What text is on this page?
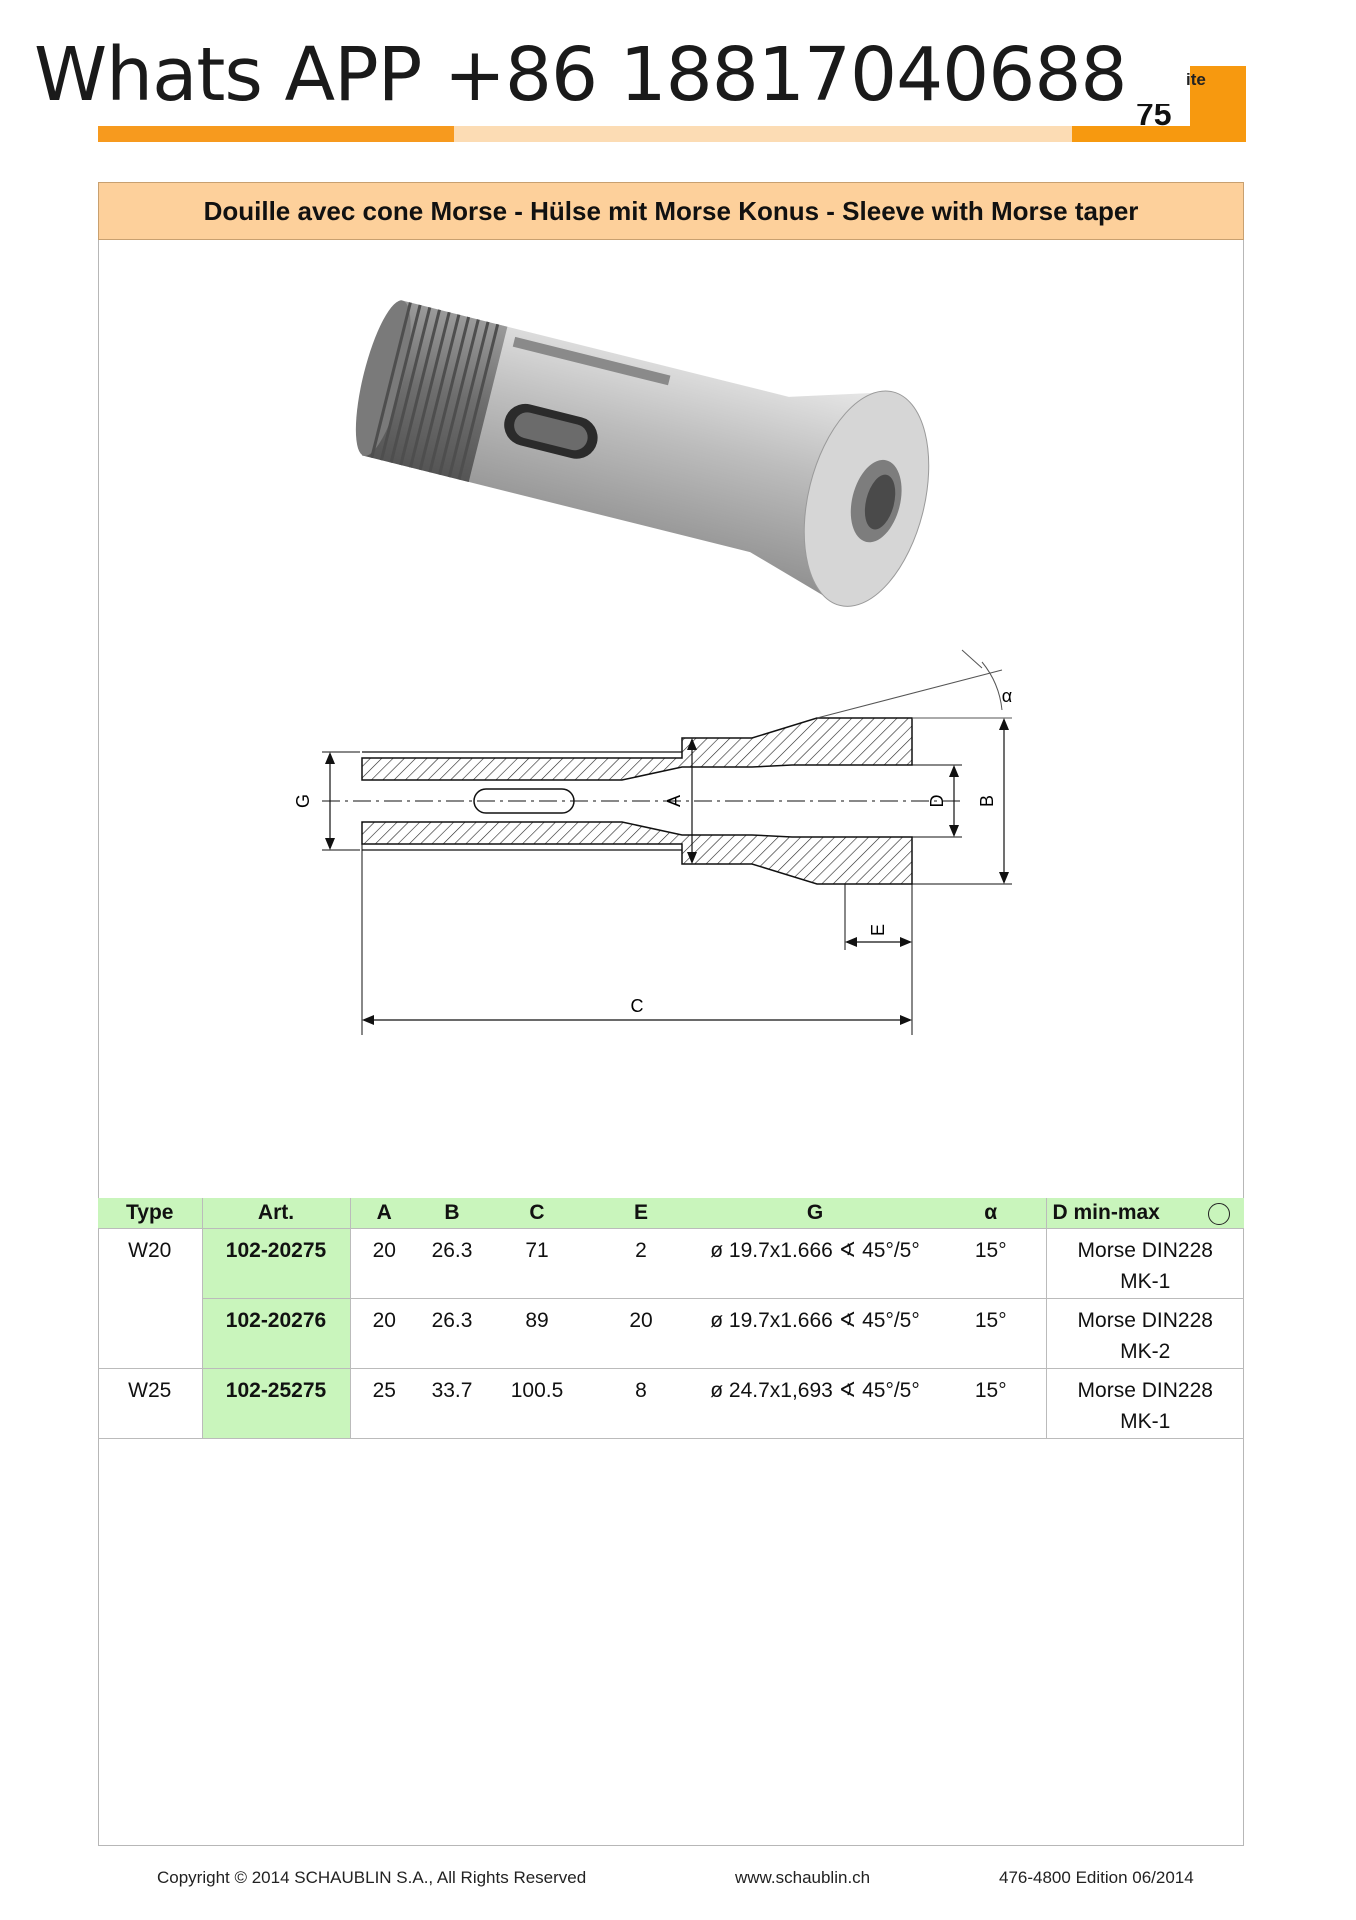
ite
75
Whats APP +86 18817040688
Douille avec cone Morse - Hülse mit Morse Konus - Sleeve with Morse taper
G	A	D B
E
C
α
Type	Art.	A	B	C	E	G	α	D min-max

W20	102-20275	20	26.3	71	2	ø 19.7x1.666 ∢ 45°/5°	15°	Morse DIN228
MK-1

	102-20276	20	26.3	89	20	ø 19.7x1.666 ∢ 45°/5°	15°	Morse DIN228
MK-2

W25	102-25275	25	33.7	100.5	8	ø 24.7x1,693 ∢ 45°/5°	15°	Morse DIN228
MK-1
Copyright © 2014 SCHAUBLIN S.A., All Rights Reserved	www.schaublin.ch	476-4800 Edition 06/2014
